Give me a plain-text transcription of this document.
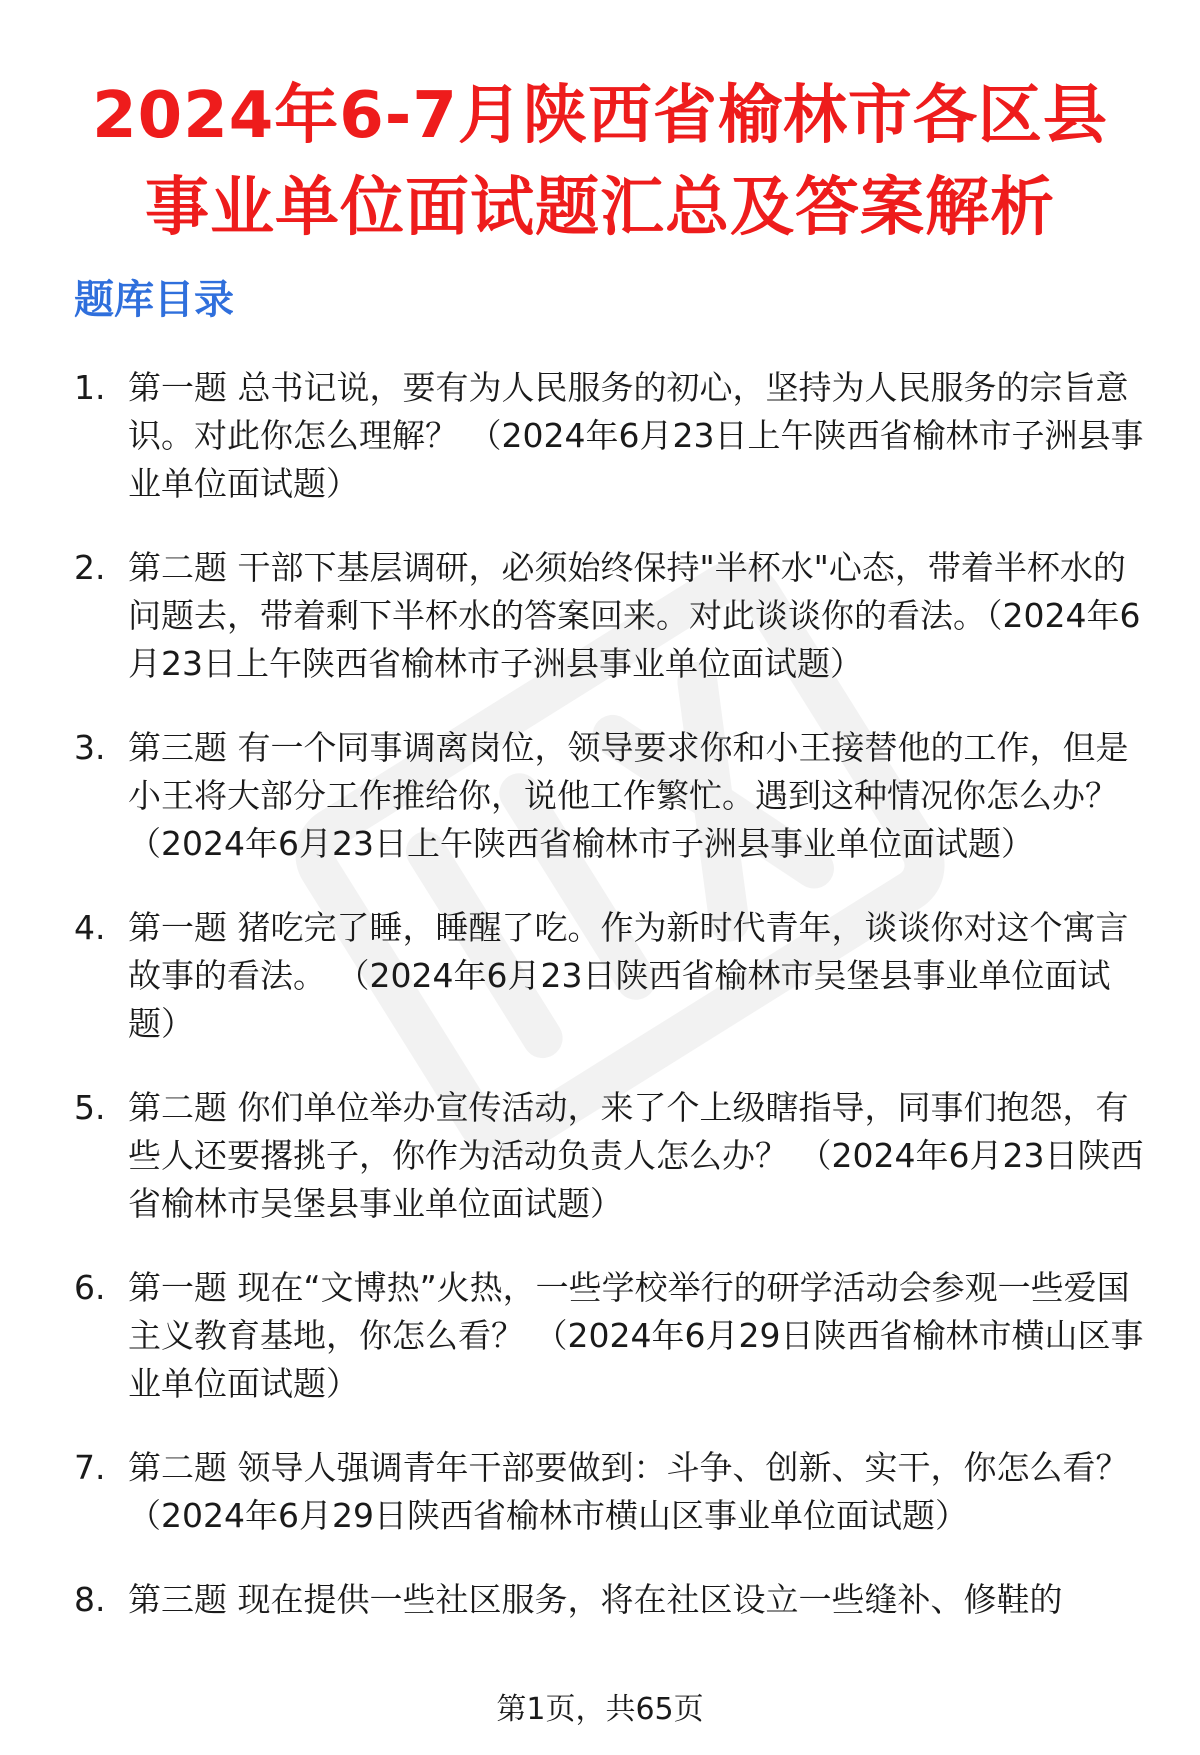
2024年6-7月陕西省榆林市各区县
事业单位面试题汇总及答案解析
题库目录
1. 第一题 总书记说，要有为人民服务的初心，坚持为人民服务的宗旨意识。对此你怎么理解？ （2024年6月23日上午陕西省榆林市子洲县事业单位面试题）
2. 第二题 干部下基层调研，必须始终保持"半杯水"心态，带着半杯水的问题去，带着剩下半杯水的答案回来。对此谈谈你的看法。（2024年6月23日上午陕西省榆林市子洲县事业单位面试题）
3. 第三题 有一个同事调离岗位，领导要求你和小王接替他的工作，但是小王将大部分工作推给你，说他工作繁忙。遇到这种情况你怎么办？ （2024年6月23日上午陕西省榆林市子洲县事业单位面试题）
4. 第一题 猪吃完了睡，睡醒了吃。作为新时代青年，谈谈你对这个寓言故事的看法。 （2024年6月23日陕西省榆林市吴堡县事业单位面试题）
5. 第二题 你们单位举办宣传活动，来了个上级瞎指导，同事们抱怨，有些人还要撂挑子，你作为活动负责人怎么办？ （2024年6月23日陕西省榆林市吴堡县事业单位面试题）
6. 第一题 现在“文博热”火热，一些学校举行的研学活动会参观一些爱国主义教育基地，你怎么看？ （2024年6月29日陕西省榆林市横山区事业单位面试题）
7. 第二题 领导人强调青年干部要做到：斗争、创新、实干，你怎么看？ （2024年6月29日陕西省榆林市横山区事业单位面试题）
8. 第三题 现在提供一些社区服务，将在社区设立一些缝补、修鞋的
第1页，共65页
